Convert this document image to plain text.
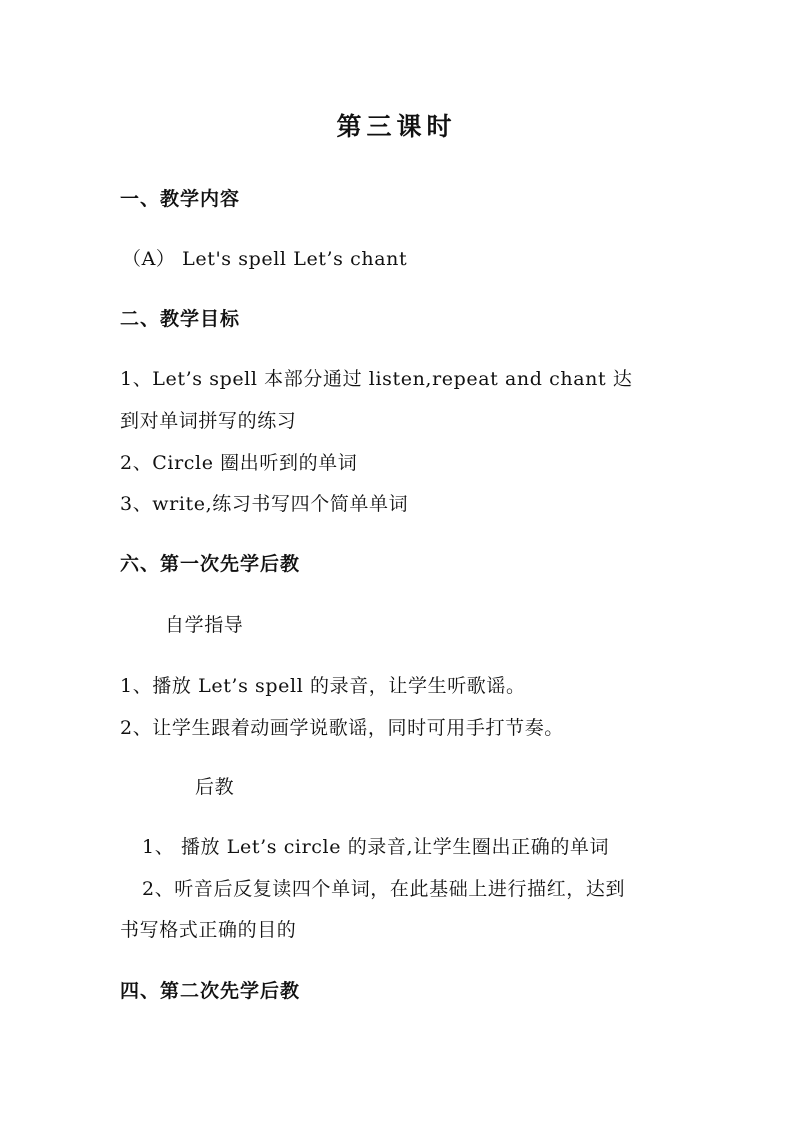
第三课时
一、教学内容
（A） Let's spell Let’s chant
二、教学目标
1、Let’s spell 本部分通过 listen,repeat and chant 达
到对单词拼写的练习
2、Circle 圈出听到的单词
3、write,练习书写四个简单单词
六、第一次先学后教
自学指导
1、播放 Let’s spell 的录音，让学生听歌谣。
2、让学生跟着动画学说歌谣，同时可用手打节奏。
后教
1、 播放 Let’s circle 的录音,让学生圈出正确的单词
2、听音后反复读四个单词，在此基础上进行描红，达到
书写格式正确的目的
四、第二次先学后教
